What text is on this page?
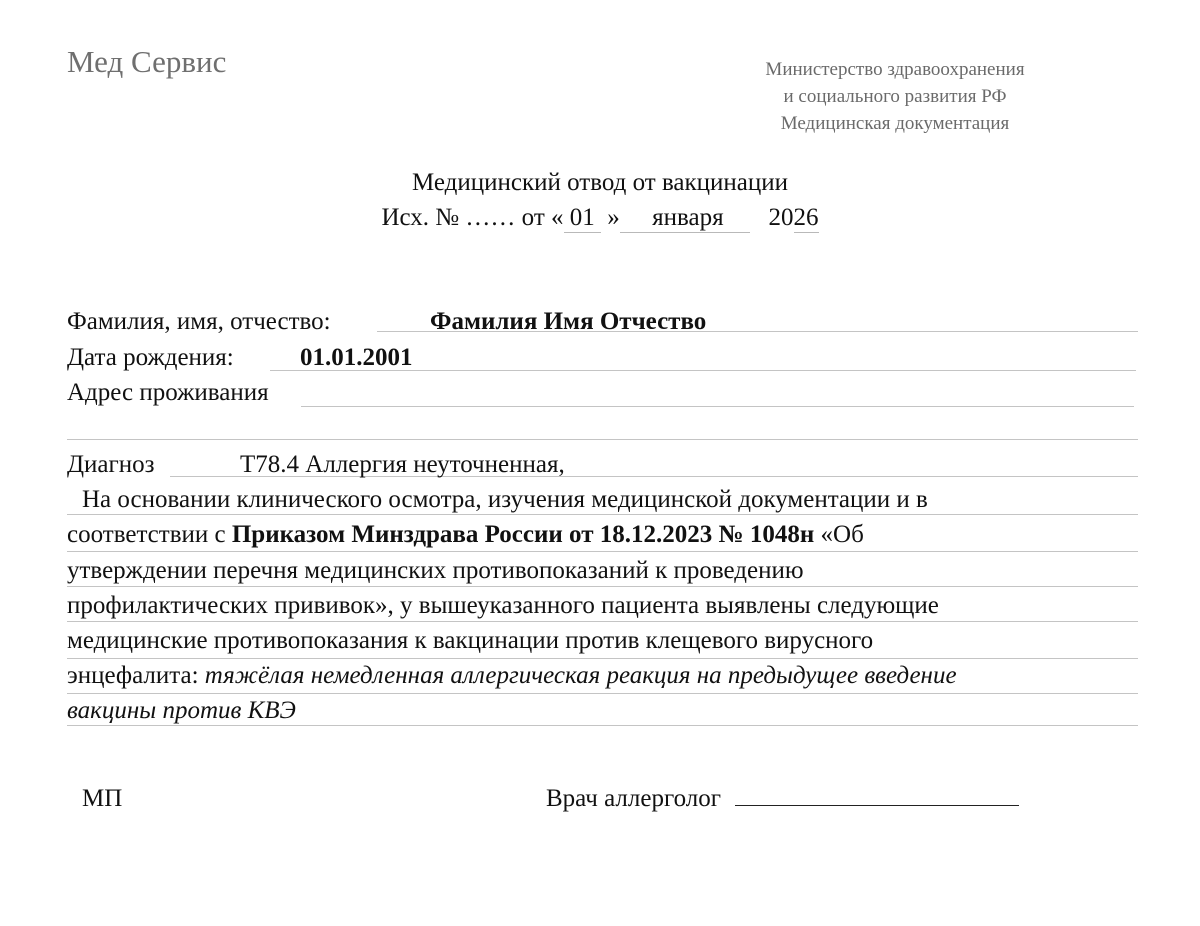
Мед Сервис	Министерство здравоохранения
и социального развития РФ
Медицинская документация
Медицинский отвод от вакцинации
Исх. № …… от « 01  »   января     2026
Фамилия, имя, отчество:	Фамилия Имя Отчество
Дата рождения:	01.01.2001
Адрес проживания
Диагноз	Т78.4 Аллергия неуточненная,
На основании клинического осмотра, изучения медицинской документации и в
соответствии с Приказом Минздрава России от 18.12.2023 № 1048н «Об
утверждении перечня медицинских противопоказаний к проведению
профилактических прививок», у вышеуказанного пациента выявлены следующие
медицинские противопоказания к вакцинации против клещевого вирусного
энцефалита: тяжёлая немедленная аллергическая реакция на предыдущее введение
вакцины против КВЭ
МП	Врач аллерголог
